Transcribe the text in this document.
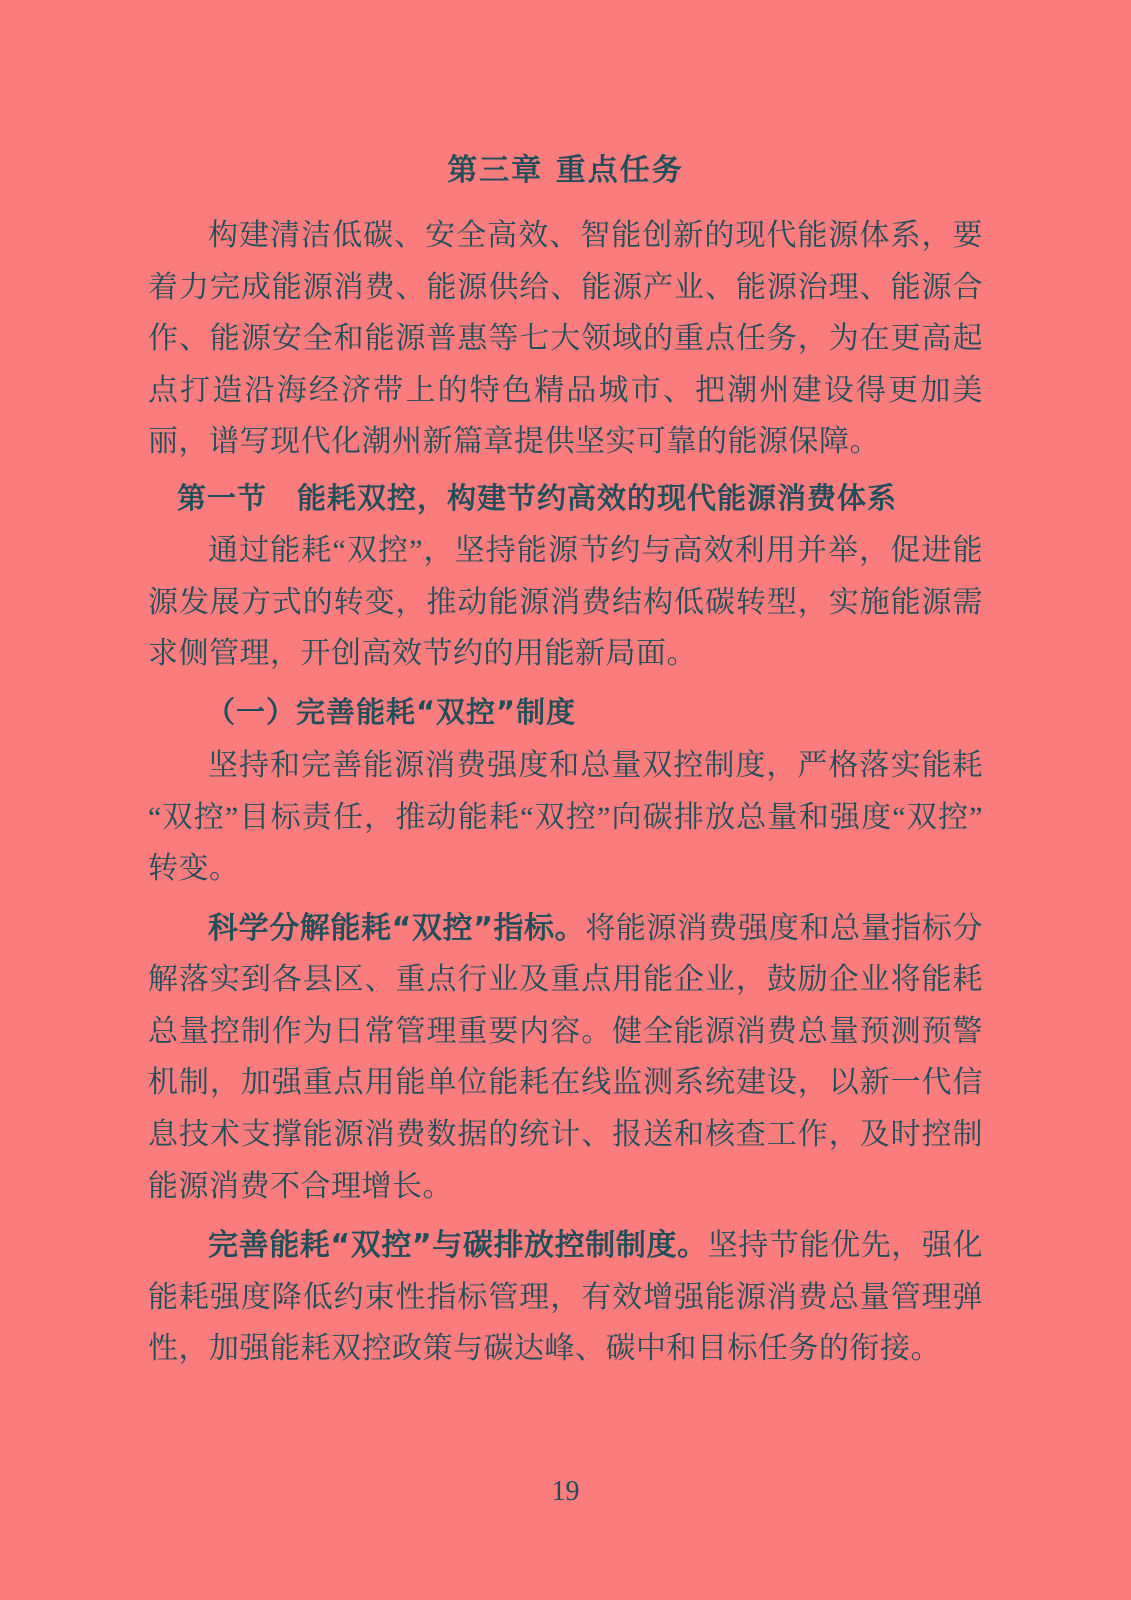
第三章 重点任务

构建清洁低碳、安全高效、智能创新的现代能源体系，要着力完成能源消费、能源供给、能源产业、能源治理、能源合作、能源安全和能源普惠等七大领域的重点任务，为在更高起点打造沿海经济带上的特色精品城市、把潮州建设得更加美丽，谱写现代化潮州新篇章提供坚实可靠的能源保障。

第一节　能耗双控，构建节约高效的现代能源消费体系

通过能耗“双控”，坚持能源节约与高效利用并举，促进能源发展方式的转变，推动能源消费结构低碳转型，实施能源需求侧管理，开创高效节约的用能新局面。

（一）完善能耗“双控”制度

坚持和完善能源消费强度和总量双控制度，严格落实能耗“双控”目标责任，推动能耗“双控”向碳排放总量和强度“双控”转变。

科学分解能耗“双控”指标。将能源消费强度和总量指标分解落实到各县区、重点行业及重点用能企业，鼓励企业将能耗总量控制作为日常管理重要内容。健全能源消费总量预测预警机制，加强重点用能单位能耗在线监测系统建设，以新一代信息技术支撑能源消费数据的统计、报送和核查工作，及时控制能源消费不合理增长。

完善能耗“双控”与碳排放控制制度。坚持节能优先，强化能耗强度降低约束性指标管理，有效增强能源消费总量管理弹性，加强能耗双控政策与碳达峰、碳中和目标任务的衔接。

19
